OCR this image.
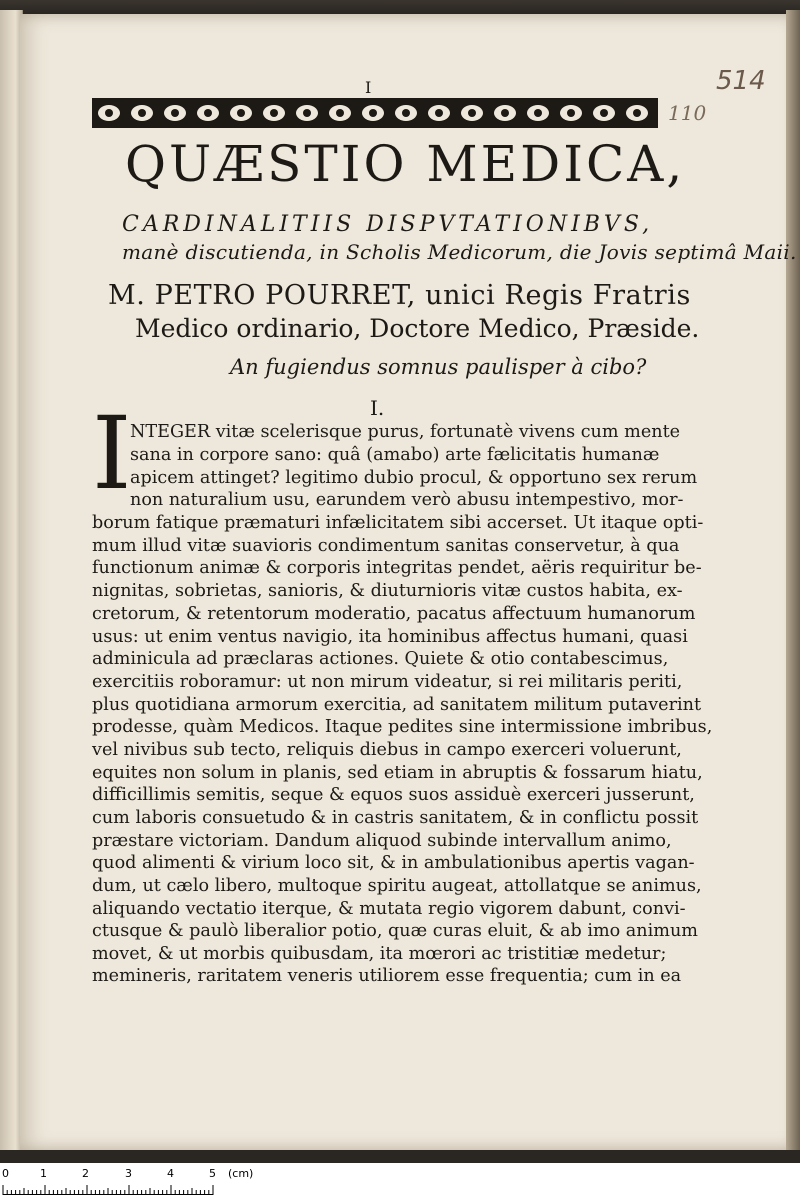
I	514
110
QUÆSTIO MEDICA,
CARDINALITIIS DISPVTATIONIBVS,
manè discutienda, in Scholis Medicorum, die Jovis septimâ Maii.
M. PETRO POURRET, unici Regis Fratris
Medico ordinario, Doctore Medico, Præside.
An fugiendus somnus paulisper à cibo?
I.
I
NTEGER vitæ scelerisque purus, fortunatè vivens cum mente
sana in corpore sano: quâ (amabo) arte fælicitatis humanæ
apicem attinget? legitimo dubio procul, & opportuno sex rerum
non naturalium usu, earundem verò abusu intempestivo, mor-
borum fatique præmaturi infælicitatem sibi accerset. Ut itaque opti-
mum illud vitæ suavioris condimentum sanitas conservetur, à qua
functionum animæ & corporis integritas pendet, aëris requiritur be-
nignitas, sobrietas, sanioris, & diuturnioris vitæ custos habita, ex-
cretorum, & retentorum moderatio, pacatus affectuum humanorum
usus: ut enim ventus navigio, ita hominibus affectus humani, quasi
adminicula ad præclaras actiones. Quiete & otio contabescimus,
exercitiis roboramur: ut non mirum videatur, si rei militaris periti,
plus quotidiana armorum exercitia, ad sanitatem militum putaverint
prodesse, quàm Medicos. Itaque pedites sine intermissione imbribus,
vel nivibus sub tecto, reliquis diebus in campo exerceri voluerunt,
equites non solum in planis, sed etiam in abruptis & fossarum hiatu,
difficillimis semitis, seque & equos suos assiduè exerceri jusserunt,
cum laboris consuetudo & in castris sanitatem, & in conflictu possit
præstare victoriam. Dandum aliquod subinde intervallum animo,
quod alimenti & virium loco sit, & in ambulationibus apertis vagan-
dum, ut cælo libero, multoque spiritu augeat, attollatque se animus,
aliquando vectatio iterque, & mutata regio vigorem dabunt, convi-
ctusque & paulò liberalior potio, quæ curas eluit, & ab imo animum
movet, & ut morbis quibusdam, ita mœrori ac tristitiæ medetur;
memineris, raritatem veneris utiliorem esse frequentia; cum in ea
0	1	2	3	4	5 (cm)
